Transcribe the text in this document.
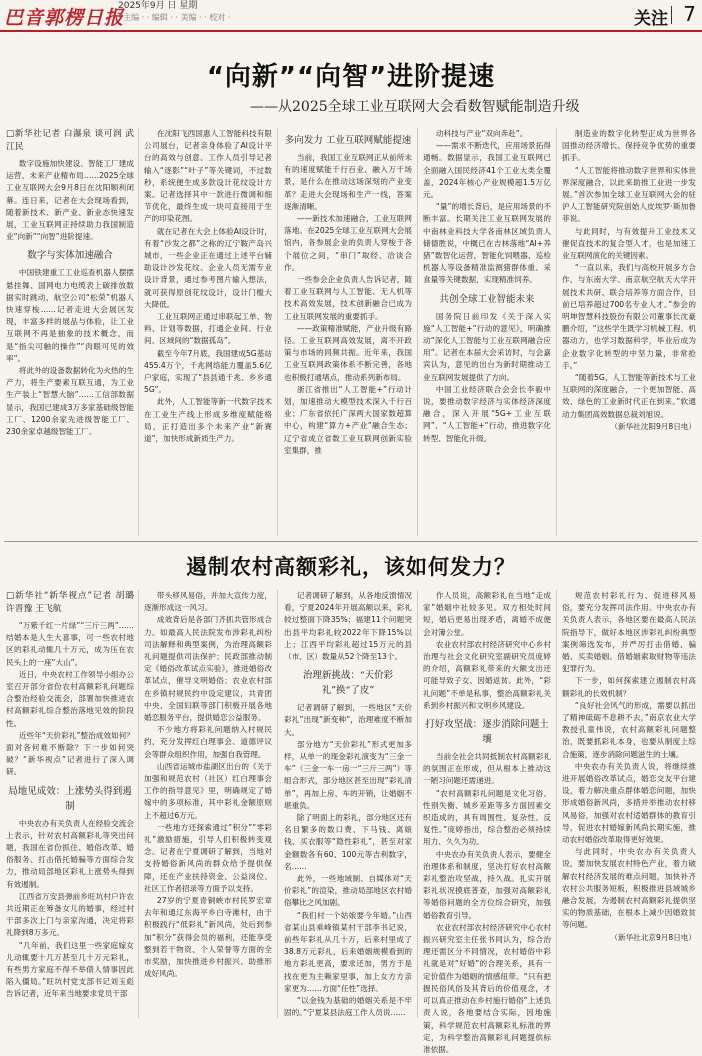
巴音郭楞日报
2025年9月 日 星期
· 主编 · · 编辑 · · 美编 · · 校对 ·	关注 7
“向新”“向智”进阶提速
——从2025全球工业互联网大会看数智赋能制造升级

□新华社记者 白瀑泉 谈可润 武江民

数字设施加快建设、智能工厂建成运营、未来产业精布局……2025全球工业互联网大会9月8日在沈阳顺利闭幕。连日来，记者在大会现场看到，随着新技术、新产业、新业态快速发展，工业互联网正持续助力我国制造业“向新”“向智”进阶提速。

数字与实体加速融合

中国铁建重工工业巡查机器人摆摆悬挂舞、国网电力电缆表上碳排放数据实时跳动、航空公司“松荣”机器人快速穿梭……记者走进大会展区发现，丰富多样的展品与体验，让工业互联网不再是抽象的技术概念，而是“指尖可触的操作”“肉眼可见的效率”。

将此外的设备数据转化为火热的生产力，将生产要素互联互通，为工业生产装上“智慧大脑”……工信部数据显示，我国已建成3万多家基础级智能工厂、1200余家先进级智能工厂、230余家卓越级智能工厂。

在沈阳飞西国惠人工智能科技有限公司展台，记者亲身体验了AI设计平台的高效与创意。工作人员引导记者输入“逐影”“叶子”等关键词，不过数秒，系统便生成多款设计花纹设计方案。记者选择其中一款进行微调和细节优化，最终生成一块可直接用于生产的印染花图。

就在记者在大会上体验AI设计时，有着“沙发之都”之称的辽宁鞍产岛兴城市，一些企业正在通过上述平台辅助设计沙发花纹。企业人员无需专业设计背景，通过参考图片输入想法，就可获得原创花纹设计，设计门槛大大降低。

工业互联网正通过串联起工单、物料、计划等数据，打通企业间、行业间、区域间的“数据孤岛”。

截至今年7月底，我国建成5G基站455.4万个，千兆网络能力覆盖5.6亿户家庭，实现了“县县通千兆、乡乡通5G”。

此外，人工智能等新一代数字技术在工业生产线上形成多维度赋能格局，正打造出多个未来产业“新赛道”，加快形成新质生产力。

多向发力 工业互联网赋能提速

当前，我国工业互联网正从前所未有的速度赋能千行百业、融入万千场景，是什么在推动这场深刻的产业变革？走进大会现场和生产一线，答案逐渐清晰。

——新技术加速融合，工业互联网落地。在2025全球工业互联网大会展馆内，各参展企业的负责人穿梭于各个展位之间，“串门”取经、洽谈合作。

一些参会企业负责人告诉记者，随着工业互联网与人工智能、无人机等技术高效发展，技术创新融合已成为工业互联网发展的重要抓手。

——政策精准赋能，产业升级有路径。工业互联网高效发展，离不开政策与市场的同频共振。近年来，我国工业互联网政策体系不断完善，各地也积极打通堵点，推动系列新布局。

浙江省推出“人工智能+”行动计划，加速推动大模型技术深入千行百业；广东省依托广深两大国家数超算中心，构建“算力+产业”融合生态；辽宁省成立省数工业互联网创新实验室集群，推

动科技与产业“双向奔赴”。

——需求不断迭代，应用场景拓得通畅。数据显示，我国工业互联网已全面融入国民经济41个工业大类全覆盖，2024年核心产业规模超1.5万亿元。

“量”的增长背后，是应用场景的不断丰富。长期关注工业互联网发展的中南林业科技大学各南林区域负责人储德胜说，中概已在吉林落地“AI+养猪”数智化运营，智能化饲喂器、巡检机器人等设备精准监测猪群体重、采食量等关键数据，实现精准饲养。

共创全球工业智能未来

国务院日前印发《关于深入实施“人工智能+”行动的意见》，明确推动“深化人工智能与工业互联网融合应用”。记者在本届大会采访时，与会嘉宾认为，意见的出台为新时期推动工业互联网发展提供了方向。

中国工业经济联合会会长李毅中说，要推动数字经济与实体经济深度融合，深入开展“5G+工业互联网”、“人工智能+”行动，推进数字化转型、智能化升级。

制造业的数字化转型正成为世界各国推动经济增长、保持竞争优势的重要抓手。

“人工智能将推动数字世界和实体世界深度融合，以此来助推工业进一步发展。”首次参加全球工业互联网大会的驻沪人工智能研究院创始人皮埃罗·斯加鲁菲说。

与此同时，与有效提升工业技术又催促直技术的复合型人才，也是加速工业互联网演化的关键因素。

“一直以来，我们与高校开展多方合作，与东南大学、南京航空航天大学开展技术共研、联合培养等方面合作，目前已培养超过700名专业人才。”参会的明坤智慧科技股份有限公司董事长沈豪鹏介绍，“这些学生既学习机械工程、机器动力，也学习数据科学，毕业后成为企业数字化转型的中坚力量，非常抢手。”

“随着5G、人工智能等新技术与工业互联网的深度融合，一个更加智能、高效、绿色的工业新时代正在到来。”软通动力集团高效数据总裁刘旭说。

（新华社沈阳9月8日电）

遏制农村高额彩礼，该如何发力？

□新华社“新华视点”记者 胡璐 许晋豫 王飞航

“万紫千红一片绿”“三斤三两”……结婚本是人生大喜事，可一些农村地区的彩礼动辄几十万元，成为压在农民头上的一座“大山”。

近日，中央农村工作领导小组办公室召开部分省份农村高额彩礼问题综合整治经验交流会，部署加快推进农村高额彩礼综合整治落地见效的阶段性。

近些年“天价彩礼”整治成效如何？面对各何难不断除？下一步如何突破？“新华视点”记者进行了深入调研。

局地见成效：上涨势头得到遏制

中央农办有关负责人在经验交流会上表示，针对农村高额彩礼等突出问题，我国在省份抓住、婚俗改革、婚俗服务、打击借托婚骗等方面综合发力，推动局部地区彩礼上涨势头得到有效遏制。

江西省万安县弹前乡旺坑村户许农共近期正在筹备女儿的婚事，经过村干部多次上门与亲家沟通，决定将彩礼降到8万多元。

“几年前，我们这里一些家庭嫁女儿动辄要十几万甚至几十万元彩礼，有些男方家庭不得不举债人情事因此陷入僵局。”旺坑村党支部书记刘玉彪告诉记者，近年来当地要求党员干部

带头移风易俗，并加大宣传力度，逐渐形成这一风习。

成效背后是各部门齐抓共管形成合力。如最高人民法院发布涉彩礼纠纷司法解释和典型案例，为治理高额彩礼问题提供司法保护；民政部推动制定《婚俗改革试点实验》，推进婚俗改革试点，催导文明婚俗；农业农村部在乡镇村规民约中设定建议，共青团中央、全国妇联等部门积极开展各地婚恋服务平台，提供婚恋公益服务。

不少地方将彩礼问题纳入村规民约，充分发挥红白理事会、道德评议会等群众组织作用，加强自我管理。

山西省运城市盐湖区出台的《关于加强和规范农村（社区）红白理事会工作的指导意见》里，明确规定了婚嫁中的多项标准，其中彩礼金额原则上不超过6万元。

一些地方还探索通过“积分”“零彩礼”激励措施，引导人们积极转变观念。记者在宁夏调研了解到，当地对支持婚俗新风尚的群众给予提供保障，还在产业扶持资金、公益岗位、社区工作者招录等方面予以支持。

27岁的宁夏青铜峡市村民罗宏章去年和通辽东海平乡白寺滩村，由于积极践行“低彩礼”新风尚，处后到参加“积分”获得会员的福利，还能享受整到若干物资、个人荣誉等方面的全市奖励，加快推进乡村振兴、助推形成好风尚。

记者调研了解到，从各地反馈情况看，宁夏2024年开展高额以来，彩礼较过整面下降35%；福建11个问题突出县平均彩礼较2022年下降15%以上；江西平均彩礼超过15万元的县（市、区）数量从52个降至13个。

治理新挑战：“天价彩礼”换“了皮”

记者调研了解到，一些地区“天价彩礼”出现“新变种”，治理难度不断加大。

部分地方“天价彩礼”形式更加多样，从单一的现金彩礼演变为“三金一车”（三金一车一房一“三斤三两”）等组合形式，部分地区甚至出现“彩礼清单”，再加上房、车的开销，让婚姻不堪重负。

除了明面上的彩礼，部分地区还有名目繁多的数口费、下马钱、离娘钱、买衣服等“隐性彩礼”，甚至对家金额数各有60、100元等吉利数字，名……

此外，一些地域制、自媒体对“天价彩礼”的渲染，推动局部地区农村婚俗攀比之风加剧。

“我们村一个姑娘要今年婚。”山西省某山县乘峰镇某村干部李书记说，前些年彩礼从几十万，后来村里成了38.8万元彩礼，后来婚姻规模看到的地方彩礼更高，要求还加，男方于是找在更为主赖家里事，加上女方方亲家更为……方面“任性”选择。

“以金钱为基础的婚姻关系是不牢固的。”宁夏某县法庭工作人员说……

作人员说，高额彩礼在当地“走成家”婚姻中社较多见。双方相处时间短，婚后更易出现矛盾，离婚不成便会对簿公堂。

农业农村部农村经济研究中心乡村治理与社会文化研究室副研究员庞婷的介绍，高额彩礼带来的大额支出还可能导致子女、因婚返贫。此外，“彩礼问题”不单是私事，整治高额彩礼关系到乡村振兴和文明乡风建设。

打好攻坚战：逐步消除问题土壤

当前全社会共同抵制农村高额彩礼的氛围正在形成，但从根本上推动这一陋习问题还需递进。

“农村高额彩礼问题是文化习俗、性别失衡、城乡差距等多方面因素交织造成的，具有周围性、复杂性、反复性。”庞婷指出，综合整治必须持续用力、久久为功。

中央农办有关负责人表示，要健全治理体系和制度，坚决打好农村高额彩礼整治攻坚战，持久战。扎实开展彩礼状况摸底普查，加强对高额彩礼等婚俗问题的全方位综合研究，加强婚俗教育引导。

农业农村部农村经济研究中心农村振兴研究室主任张书同认为，综合治理还需区分不同情况，农村婚俗中彩礼就是对“好婚”的合理关系，具有一定价值作为婚姻的情感纽带。“只有把握民俗风俗及其背后的价值观念，才可以真正推动在乡村施行婚俗”上述负责人说，各地要结合实际，因地施策，科学规范农村高额彩礼标准的界定，为科学整治高额彩礼问题提供标准依据。

规范农村彩礼行为、促进移风易俗，要充分发挥司法作用。中央农办有关负责人表示，各地区要在最高人民法院指导下，做好本地区涉彩礼纠纷典型案例筛选发布，并严厉打击借婚、骗婚、买卖婚姻、借婚姻索取财物等违法犯罪行为。

下一步，如何探索建立遏制农村高额彩礼的长效机制？

“良好社会风气的形成，需要以抓出了精神砥砺不息耕不去，”南京农业大学教授孔童伟说，农村高额彩礼问题整治，既要抓彩礼本身，也要从制度上综合施策，逐步消除问题滋生的土壤。

中央农办有关负责人说，将继续推进开展婚俗改革试点，婚恋交友平台建设，着力解决重点群体婚恋问题，加快形成婚俗新风尚，多措并举推动农村移风易俗，加强对农村适婚群体的教育引导，促进农村婚嫁新风尚长期实施，推动农村婚俗改革取得更好效果。

与此同时，中央农办有关负责人说，要加快发展农村特色产业，着力破解农村经济发展的难点问题，加快补齐农村公共服务短板，积极推进县域城乡融合发展，为遏制农村高额彩礼提供坚实的物质基础，在根本上减少因婚致贫等问题。

（新华社北京9月8日电）
